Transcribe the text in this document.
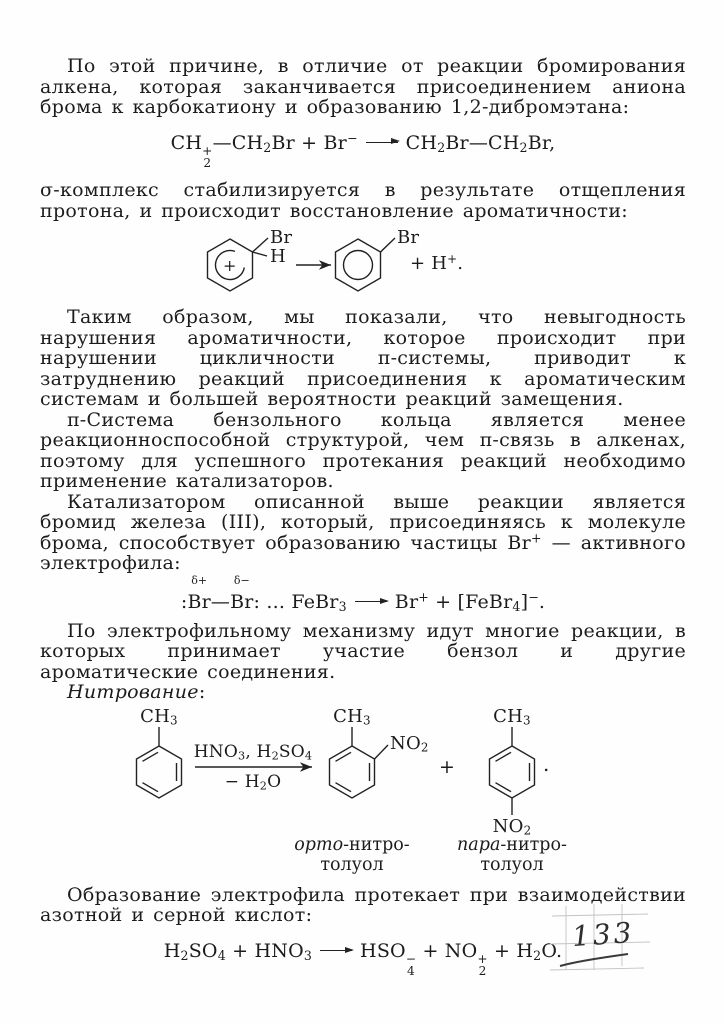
По этой причине, в отличие от реакции бромирования алкена, которая заканчивается присоединением аниона брома к карбокатиону и образованию 1,2-дибромэтана:

CH +
2
$—CH_2Br + Br^-$	$CH_2Br—CH_2Br$,

σ-комплекс стабилизируется в результате отщепления протона, и происходит восстановление ароматичности:

+
Br
H
Br
+ H+.

Таким образом, мы показали, что невыгодность нарушения ароматичности, которое происходит при нарушении цикличности π-системы, приводит к затруднению реакций присоединения к ароматическим системам и большей вероятности реакций замещения.

π-Система бензольного кольца является менее реакционноспособной структурой, чем π-связь в алкенах, поэтому для успешного протекания реакций необходимо применение катализаторов.

Катализатором описанной выше реакции является бромид железа (III), который, присоединяясь к молекуле брома, способствует образованию частицы Br+ — активного электрофила:

:
δ+
Br—
δ−
Br: ... FeBr$_3$	Br+ + [FeBr$_4$]−.

По электрофильному механизму идут многие реакции, в которых принимает участие бензол и другие ароматические соединения.

Нитрование:

$CH_3$
$HNO_3$, $H_2SO_4$
− $H_2O$
$CH_3$
$NO_2$
+
$CH_3$
$NO_2$
.
орто-нитро-
толуол
пара-нитро-
толуол

Образование электрофила протекает при взаимодействии азотной и серной кислот:

$H_2SO_4 + HNO_3$	HSO −
4
+ NO +
2
+ $H_2O$. 133
